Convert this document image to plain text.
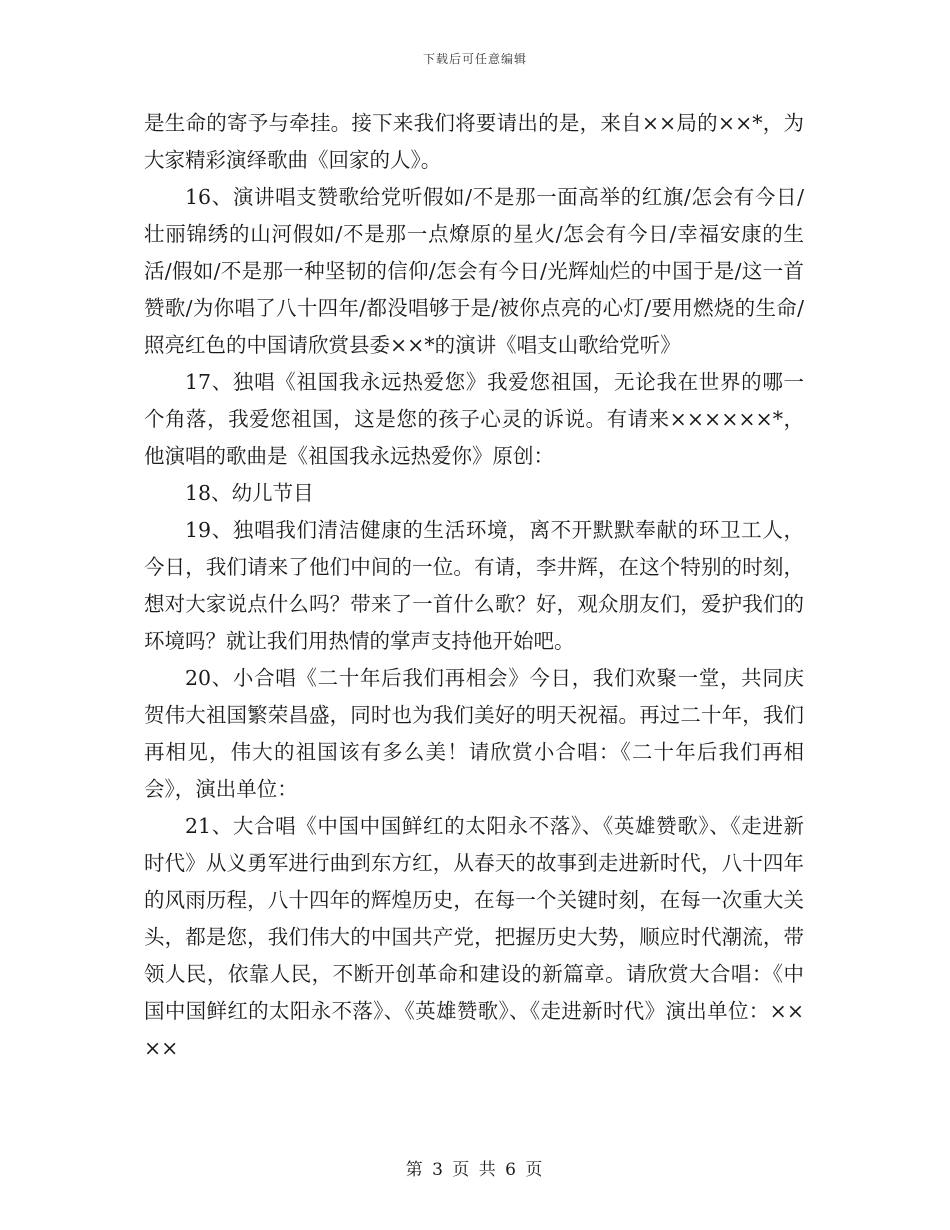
下载后可任意编辑

是生命的寄予与牵挂。接下来我们将要请出的是，来自××局的××*，为大家精彩演绎歌曲《回家的人》。

16、演讲唱支赞歌给党听假如/不是那一面高举的红旗/怎会有今日/壮丽锦绣的山河假如/不是那一点燎原的星火/怎会有今日/幸福安康的生活/假如/不是那一种坚韧的信仰/怎会有今日/光辉灿烂的中国于是/这一首赞歌/为你唱了八十四年/都没唱够于是/被你点亮的心灯/要用燃烧的生命/照亮红色的中国请欣赏县委××*的演讲《唱支山歌给党听》

17、独唱《祖国我永远热爱您》我爱您祖国，无论我在世界的哪一个角落，我爱您祖国，这是您的孩子心灵的诉说。有请来××××××*，他演唱的歌曲是《祖国我永远热爱你》原创：

18、幼儿节目

19、独唱我们清洁健康的生活环境，离不开默默奉献的环卫工人，今日，我们请来了他们中间的一位。有请，李井辉，在这个特别的时刻，想对大家说点什么吗？带来了一首什么歌？好，观众朋友们，爱护我们的环境吗？就让我们用热情的掌声支持他开始吧。

20、小合唱《二十年后我们再相会》今日，我们欢聚一堂，共同庆贺伟大祖国繁荣昌盛，同时也为我们美好的明天祝福。再过二十年，我们再相见，伟大的祖国该有多么美！请欣赏小合唱：《二十年后我们再相会》，演出单位：

21、大合唱《中国中国鲜红的太阳永不落》、《英雄赞歌》、《走进新时代》从义勇军进行曲到东方红，从春天的故事到走进新时代，八十四年的风雨历程，八十四年的辉煌历史，在每一个关键时刻，在每一次重大关头，都是您，我们伟大的中国共产党，把握历史大势，顺应时代潮流，带领人民，依靠人民，不断开创革命和建设的新篇章。请欣赏大合唱：《中国中国鲜红的太阳永不落》、《英雄赞歌》、《走进新时代》演出单位：××××

第 3 页 共 6 页
